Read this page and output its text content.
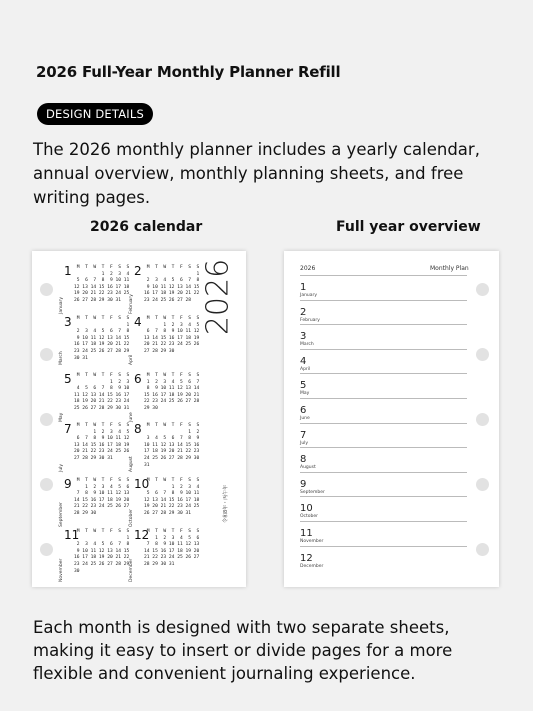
2026 Full-Year Monthly Planner Refill
DESIGN DETAILS
The 2026 monthly planner includes a yearly calendar, annual overview, monthly planning sheets, and free writing pages.
2026 calendar	Full year overview
2026
令和8年・丙午年
1
January
M  T  W  T  F  S  S
1  2  3  4
5  6  7  8  9 10 11
12 13 14 15 16 17 18
19 20 21 22 23 24 25
26 27 28 29 30 31
2
February
M  T  W  T  F  S  S
1
2  3  4  5  6  7  8
9 10 11 12 13 14 15
16 17 18 19 20 21 22
23 24 25 26 27 28
3
March
M  T  W  T  F  S  S
1
2  3  4  5  6  7  8
9 10 11 12 13 14 15
16 17 18 19 20 21 22
23 24 25 26 27 28 29
30 31
4
April
M  T  W  T  F  S  S
1  2  3  4  5
6  7  8  9 10 11 12
13 14 15 16 17 18 19
20 21 22 23 24 25 26
27 28 29 30
5
May
M  T  W  T  F  S  S
1  2  3
4  5  6  7  8  9 10
11 12 13 14 15 16 17
18 19 20 21 22 23 24
25 26 27 28 29 30 31
6
June
M  T  W  T  F  S  S
1  2  3  4  5  6  7
8  9 10 11 12 13 14
15 16 17 18 19 20 21
22 23 24 25 26 27 28
29 30
7
July
M  T  W  T  F  S  S
1  2  3  4  5
6  7  8  9 10 11 12
13 14 15 16 17 18 19
20 21 22 23 24 25 26
27 28 29 30 31
8
August
M  T  W  T  F  S  S
1  2
3  4  5  6  7  8  9
10 11 12 13 14 15 16
17 18 19 20 21 22 23
24 25 26 27 28 29 30
31
9
September
M  T  W  T  F  S  S
1  2  3  4  5  6
7  8  9 10 11 12 13
14 15 16 17 18 19 20
21 22 23 24 25 26 27
28 29 30
10
October
M  T  W  T  F  S  S
1  2  3  4
5  6  7  8  9 10 11
12 13 14 15 16 17 18
19 20 21 22 23 24 25
26 27 28 29 30 31
11
November
M  T  W  T  F  S  S
1
2  3  4  5  6  7  8
9 10 11 12 13 14 15
16 17 18 19 20 21 22
23 24 25 26 27 28 29
30
12
December
M  T  W  T  F  S  S
1  2  3  4  5  6
7  8  9 10 11 12 13
14 15 16 17 18 19 20
21 22 23 24 25 26 27
28 29 30 31
2026	Monthly Plan
1
January
2
February
3
March
4
April
5
May
6
June
7
July
8
August
9
September
10
October
11
November
12
December
Each month is designed with two separate sheets, making it easy to insert or divide pages for a more flexible and convenient journaling experience.
